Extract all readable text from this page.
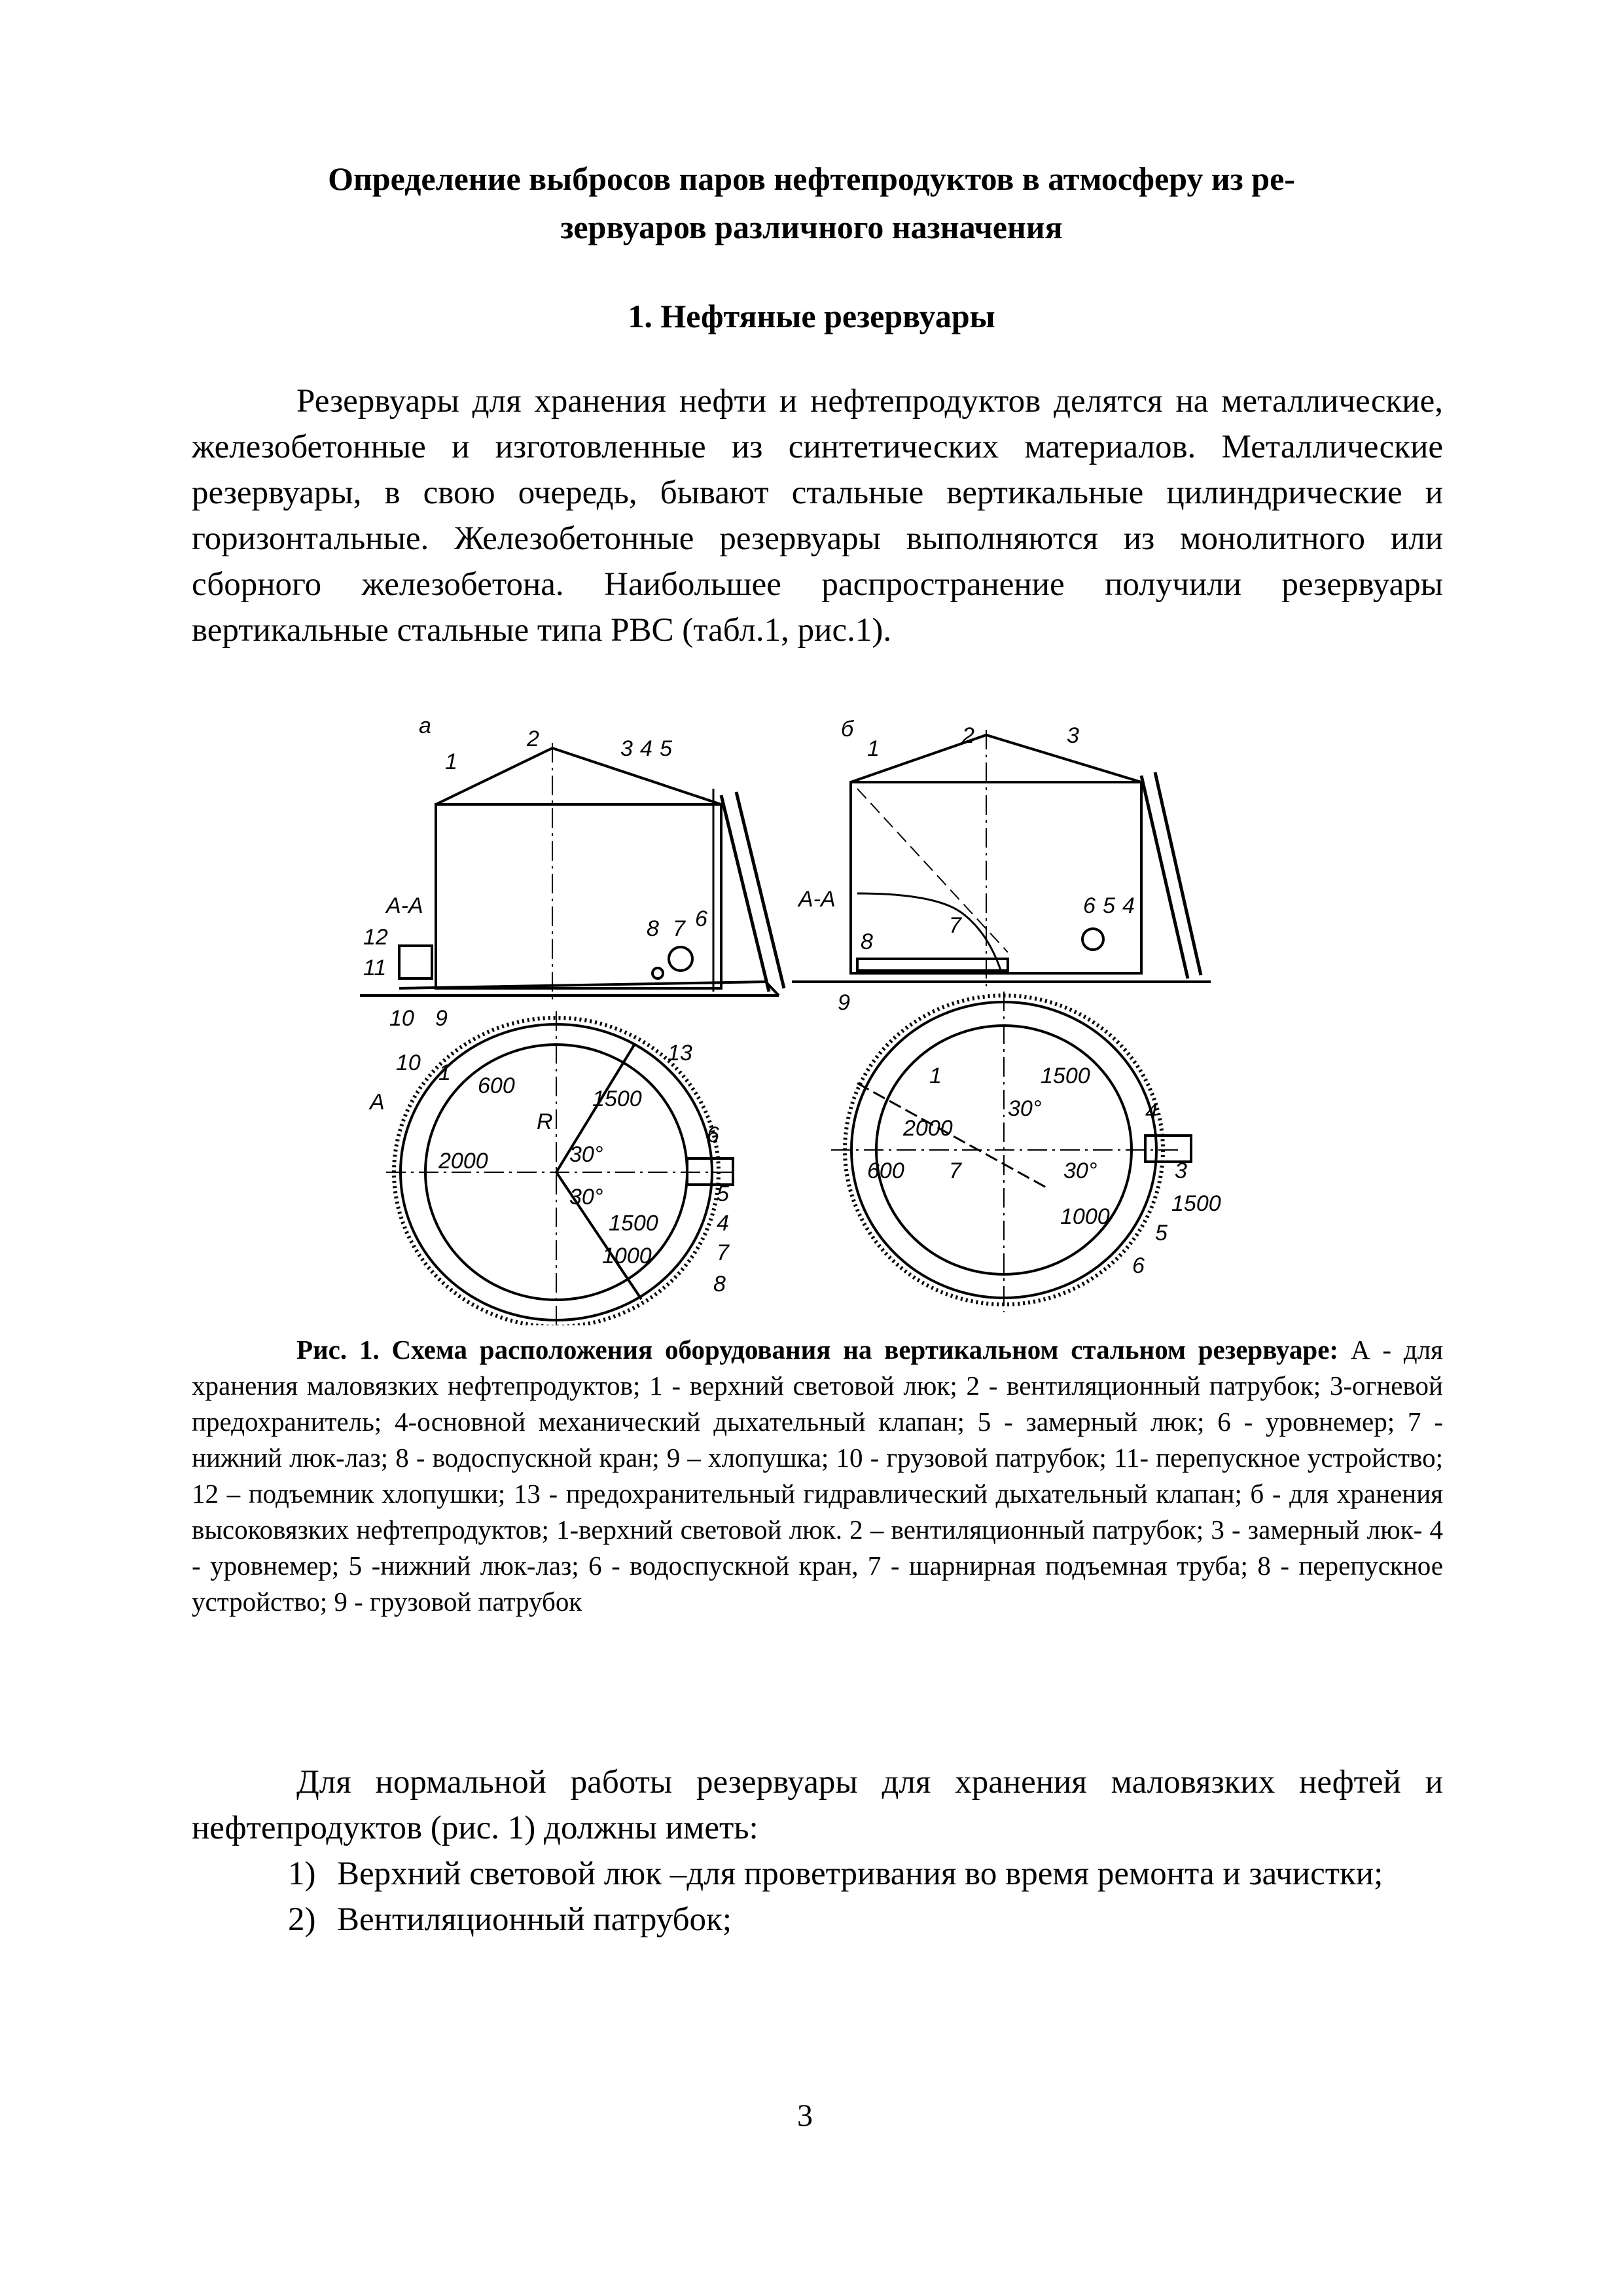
Определение выбросов паров нефтепродуктов в атмосферу из ре-
зервуаров различного назначения
1. Нефтяные резервуары
Резервуары для хранения нефти и нефтепродуктов делятся на металлические, железобетонные и изготовленные из синтетических материалов. Металлические резервуары, в свою очередь, бывают стальные вертикальные цилиндрические и горизонтальные. Железобетонные резервуары выполняются из монолитного или сборного железобетона. Наибольшее распространение получили резервуары вертикальные стальные типа РВС (табл.1, рис.1).
а
А-А
1
2	3 4 5
6
7
8
9
10
11
12
б
А-А
1
2	3
6 5 4
7
8
9
30°
30°
R
1500
10 1
600
2000
13
6
5
1500	4
1000	7
8
А
1	1500
30°	4
2000
600 7	30°	3
1500
1000
5
6
Рис. 1. Схема расположения оборудования на вертикальном стальном резервуаре: А - для хранения маловязких нефтепродуктов; 1 - верхний световой люк; 2 - вентиляционный патрубок; 3-огневой предохранитель; 4-основной механический дыхательный клапан; 5 - замерный люк; 6 - уровнемер; 7 - нижний люк-лаз; 8 - водоспускной кран; 9 – хлопушка; 10 - грузовой патрубок; 11- перепускное устройство; 12 – подъемник хлопушки; 13 - предохранительный гидравлический дыхательный клапан; б - для хранения высоковязких нефтепродуктов; 1-верхний световой люк. 2 – вентиляционный патрубок; 3 - замерный люк- 4 - уровнемер; 5 -нижний люк-лаз; 6 - водоспускной кран, 7 - шарнирная подъемная труба; 8 - перепускное устройство; 9 - грузовой патрубок
Для нормальной работы резервуары для хранения маловязких нефтей и нефтепродуктов (рис. 1) должны иметь:
1) Верхний световой люк –для проветривания во время ремонта и зачистки;
2) Вентиляционный патрубок;
3
